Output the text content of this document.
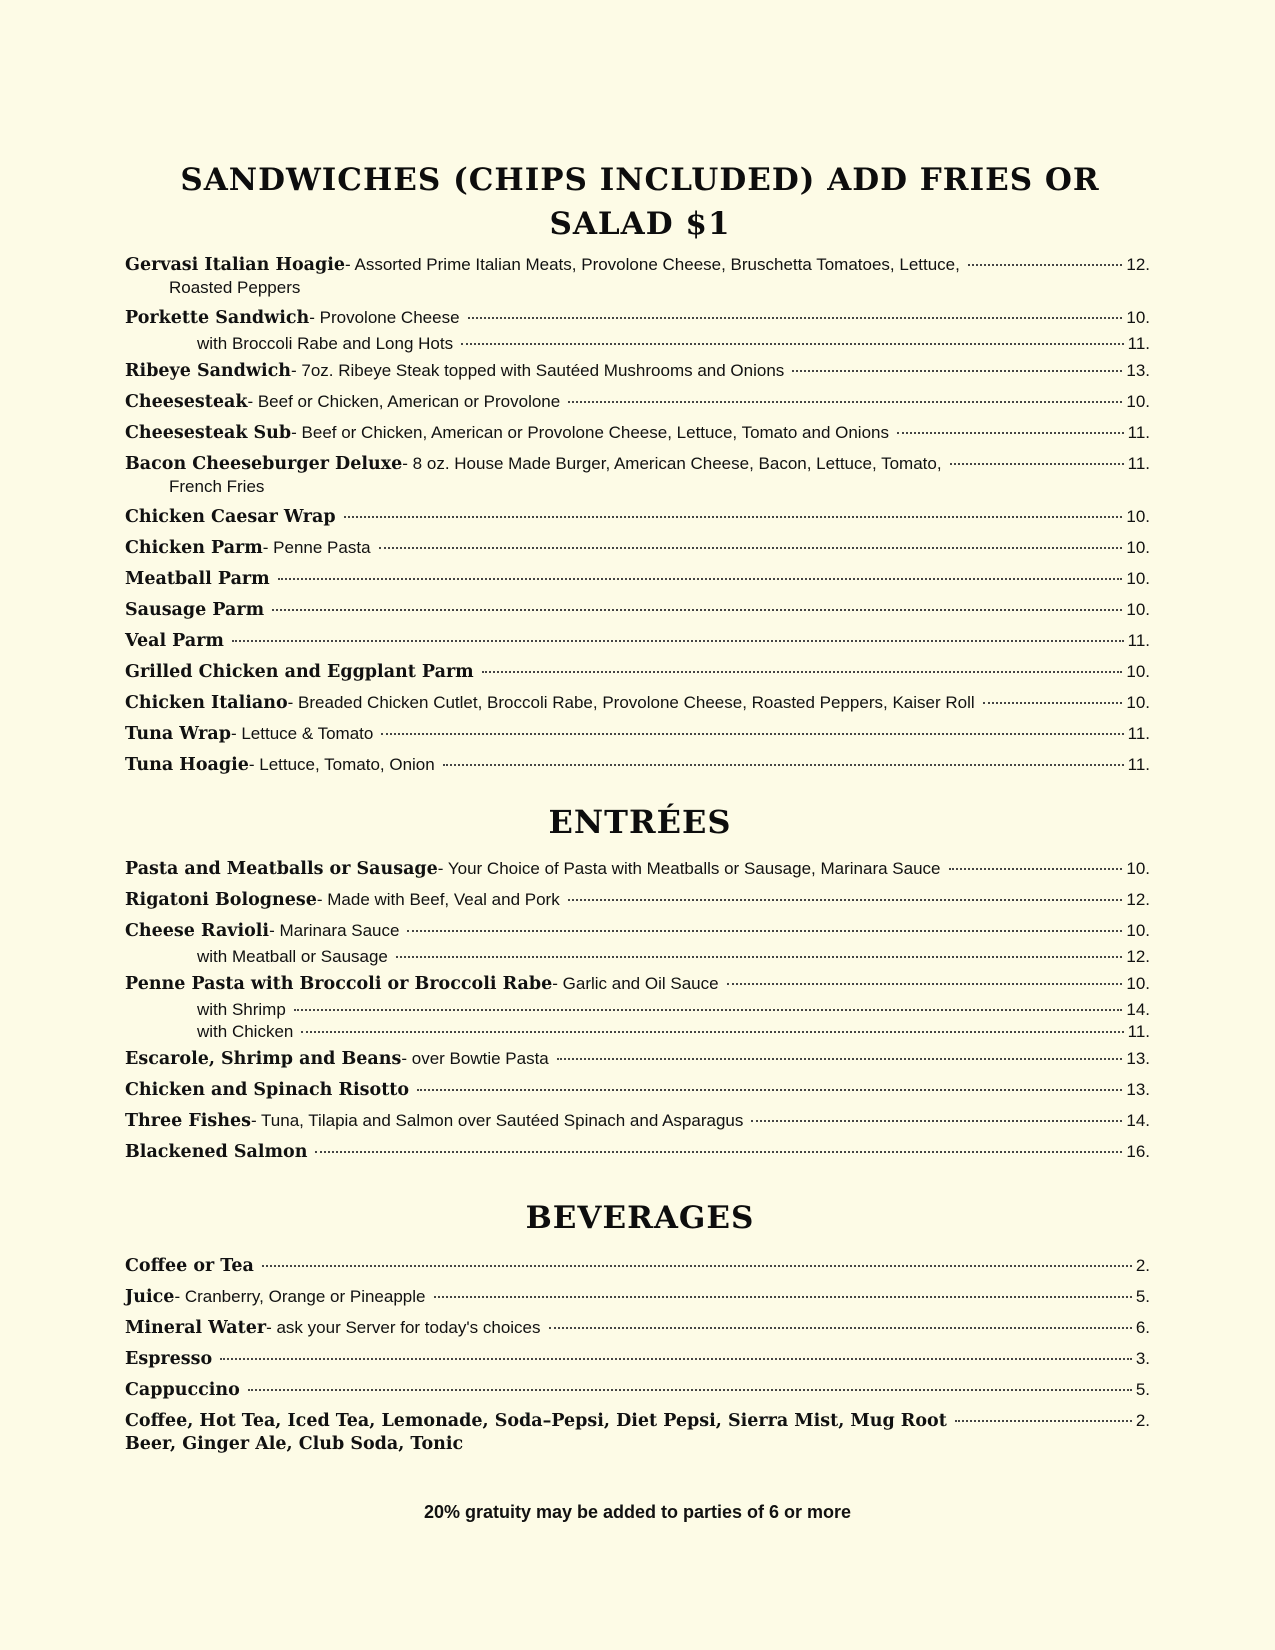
SANDWICHES (CHIPS INCLUDED) ADD FRIES OR SALAD $1
Gervasi Italian Hoagie - Assorted Prime Italian Meats, Provolone Cheese, Bruschetta Tomatoes, Lettuce,	12.
Roasted Peppers
Porkette Sandwich - Provolone Cheese	10.
with Broccoli Rabe and Long Hots	11.
Ribeye Sandwich - 7oz. Ribeye Steak topped with Sautéed Mushrooms and Onions	13.
Cheesesteak - Beef or Chicken, American or Provolone	10.
Cheesesteak Sub - Beef or Chicken, American or Provolone Cheese, Lettuce, Tomato and Onions	11.
Bacon Cheeseburger Deluxe - 8 oz. House Made Burger, American Cheese, Bacon, Lettuce, Tomato,	11.
French Fries
Chicken Caesar Wrap	10.
Chicken Parm - Penne Pasta	10.
Meatball Parm	10.
Sausage Parm	10.
Veal Parm	11.
Grilled Chicken and Eggplant Parm	10.
Chicken Italiano - Breaded Chicken Cutlet, Broccoli Rabe, Provolone Cheese, Roasted Peppers, Kaiser Roll	10.
Tuna Wrap - Lettuce & Tomato	11.
Tuna Hoagie - Lettuce, Tomato, Onion	11.
ENTRÉES
Pasta and Meatballs or Sausage - Your Choice of Pasta with Meatballs or Sausage, Marinara Sauce	10.
Rigatoni Bolognese - Made with Beef, Veal and Pork	12.
Cheese Ravioli - Marinara Sauce	10.
with Meatball or Sausage	12.
Penne Pasta with Broccoli or Broccoli Rabe - Garlic and Oil Sauce	10.
with Shrimp	14.
with Chicken	11.
Escarole, Shrimp and Beans - over Bowtie Pasta	13.
Chicken and Spinach Risotto	13.
Three Fishes - Tuna, Tilapia and Salmon over Sautéed Spinach and Asparagus	14.
Blackened Salmon	16.
BEVERAGES
Coffee or Tea	2.
Juice - Cranberry, Orange or Pineapple	5.
Mineral Water - ask your Server for today's choices	6.
Espresso	3.
Cappuccino	5.
Coffee, Hot Tea, Iced Tea, Lemonade, Soda–Pepsi, Diet Pepsi, Sierra Mist, Mug Root	2.
Beer, Ginger Ale, Club Soda, Tonic
20% gratuity may be added to parties of 6 or more
